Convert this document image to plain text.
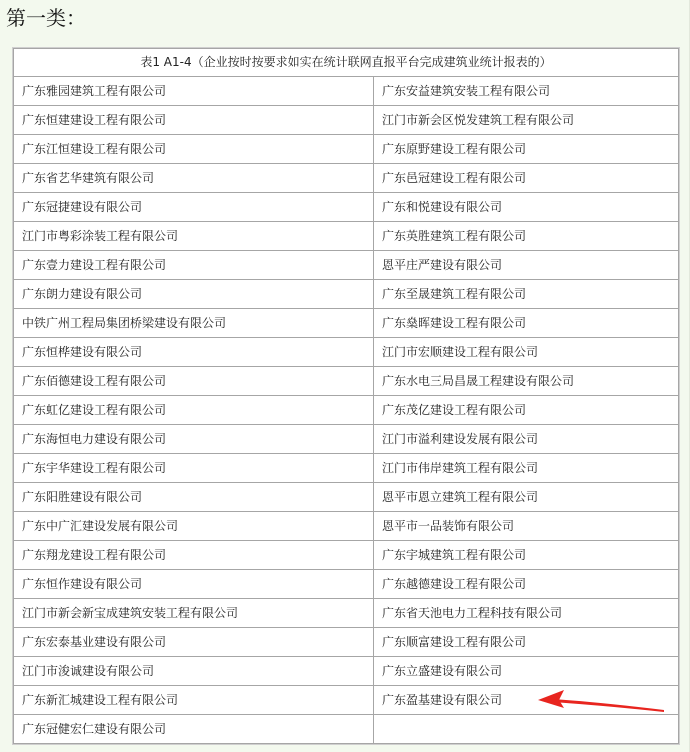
第一类：
表1 A1-4（企业按时按要求如实在统计联网直报平台完成建筑业统计报表的）	
广东雅园建筑工程有限公司	广东安益建筑安装工程有限公司
广东恒建建设工程有限公司	江门市新会区悦发建筑工程有限公司
广东江恒建设工程有限公司	广东原野建设工程有限公司
广东省艺华建筑有限公司	广东邑冠建设工程有限公司
广东冠捷建设有限公司	广东和悦建设有限公司
江门市粤彩涂装工程有限公司	广东英胜建筑工程有限公司
广东壹力建设工程有限公司	恩平庄严建设有限公司
广东朗力建设有限公司	广东至晟建筑工程有限公司
中铁广州工程局集团桥梁建设有限公司	广东燊晖建设工程有限公司
广东恒桦建设有限公司	江门市宏顺建设工程有限公司
广东佰德建设工程有限公司	广东水电三局昌晟工程建设有限公司
广东虹亿建设工程有限公司	广东茂亿建设工程有限公司
广东海恒电力建设有限公司	江门市溢利建设发展有限公司
广东宇华建设工程有限公司	江门市伟岸建筑工程有限公司
广东阳胜建设有限公司	恩平市恩立建筑工程有限公司
广东中广汇建设发展有限公司	恩平市一品装饰有限公司
广东翔龙建设工程有限公司	广东宇城建筑工程有限公司
广东恒作建设有限公司	广东越德建设工程有限公司
江门市新会新宝成建筑安装工程有限公司	广东省天池电力工程科技有限公司
广东宏泰基业建设有限公司	广东顺富建设工程有限公司
江门市浚诚建设有限公司	广东立盛建设有限公司
广东新汇城建设工程有限公司	广东盈基建设有限公司
广东冠健宏仁建设有限公司	
